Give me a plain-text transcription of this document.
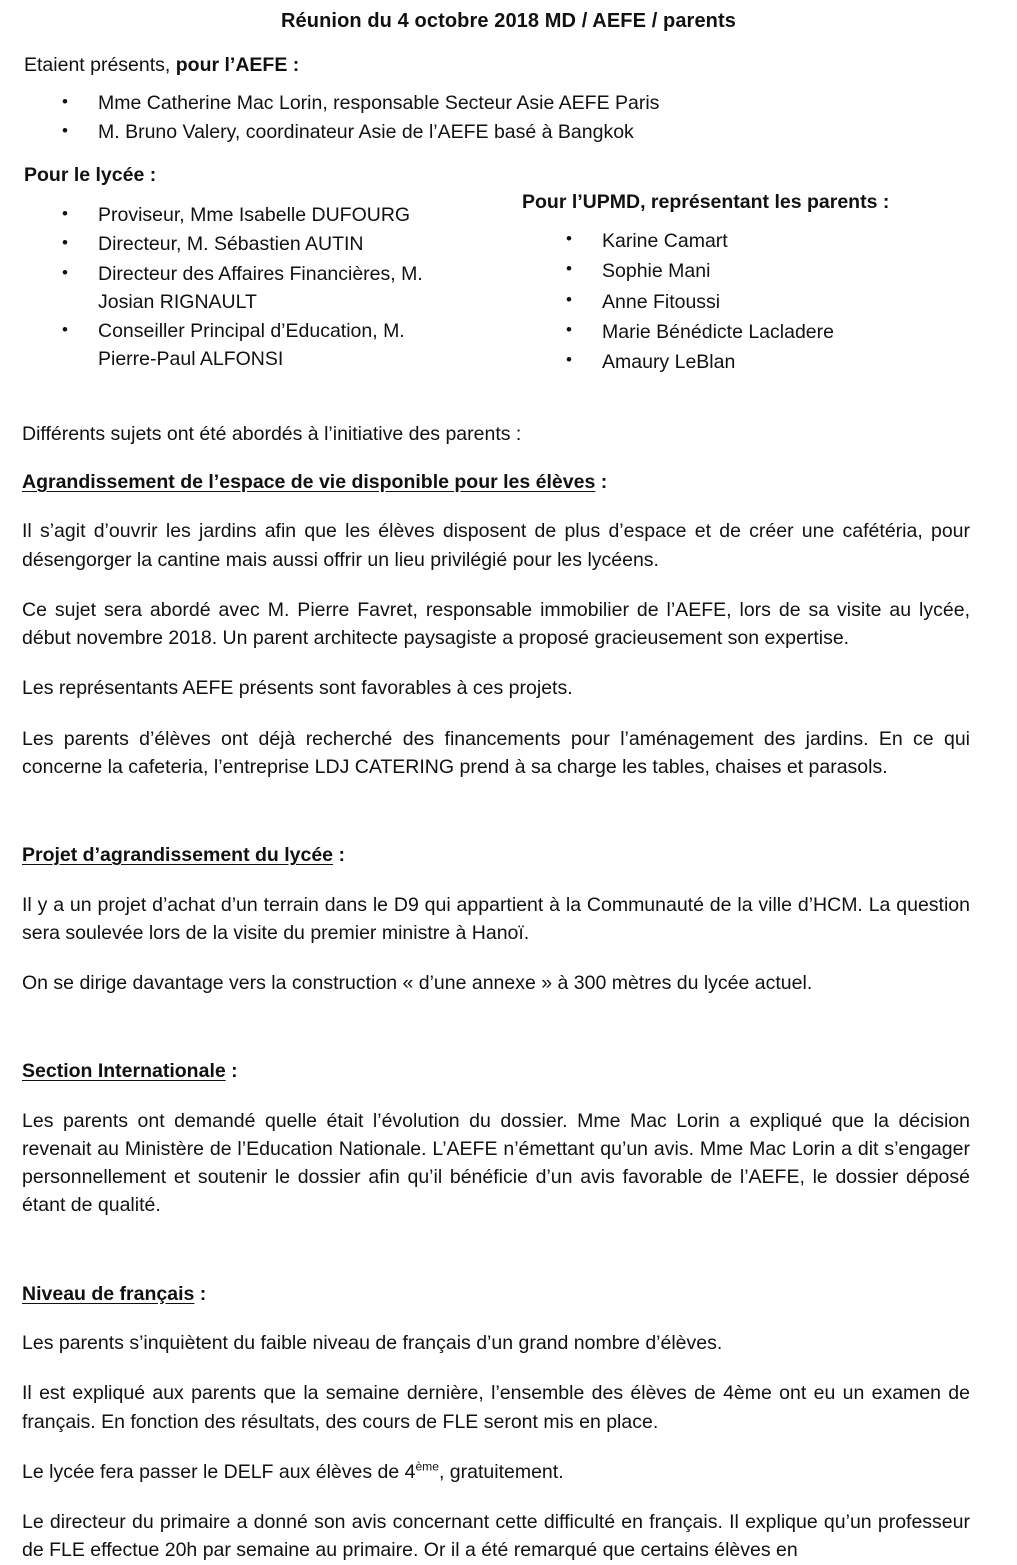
Réunion du 4 octobre 2018 MD / AEFE / parents
Etaient présents, pour l’AEFE :
• Mme Catherine Mac Lorin, responsable Secteur Asie AEFE Paris
• M. Bruno Valery, coordinateur Asie de l’AEFE basé à Bangkok
Pour le lycée :
• Proviseur, Mme Isabelle DUFOURG
• Directeur, M. Sébastien AUTIN
• Directeur des Affaires Financières, M. Josian RIGNAULT
• Conseiller Principal d’Education, M. Pierre-Paul ALFONSI
Pour l’UPMD, représentant les parents :
• Karine Camart
• Sophie Mani
• Anne Fitoussi
• Marie Bénédicte Lacladere
• Amaury LeBlan
Différents sujets ont été abordés à l’initiative des parents :
Agrandissement de l’espace de vie disponible pour les élèves :
Il s’agit d’ouvrir les jardins afin que les élèves disposent de plus d’espace et de créer une cafétéria, pour désengorger la cantine mais aussi offrir un lieu privilégié pour les lycéens.
Ce sujet sera abordé avec M. Pierre Favret, responsable immobilier de l’AEFE, lors de sa visite au lycée, début novembre 2018. Un parent architecte paysagiste a proposé gracieusement son expertise.
Les représentants AEFE présents sont favorables à ces projets.
Les parents d’élèves ont déjà recherché des financements pour l’aménagement des jardins. En ce qui concerne la cafeteria, l’entreprise LDJ CATERING prend à sa charge les tables, chaises et parasols.
Projet d’agrandissement du lycée :
Il y a un projet d’achat d’un terrain dans le D9 qui appartient à la Communauté de la ville d’HCM. La question sera soulevée lors de la visite du premier ministre à Hanoï.
On se dirige davantage vers la construction « d’une annexe » à 300 mètres du lycée actuel.
Section Internationale :
Les parents ont demandé quelle était l’évolution du dossier. Mme Mac Lorin a expliqué que la décision revenait au Ministère de l’Education Nationale. L’AEFE n’émettant qu’un avis. Mme Mac Lorin a dit s’engager personnellement et soutenir le dossier afin qu’il bénéficie d’un avis favorable de l’AEFE, le dossier déposé étant de qualité.
Niveau de français :
Les parents s’inquiètent du faible niveau de français d’un grand nombre d’élèves.
Il est expliqué aux parents que la semaine dernière, l’ensemble des élèves de 4ème ont eu un examen de français. En fonction des résultats, des cours de FLE seront mis en place.
Le lycée fera passer le DELF aux élèves de 4ème, gratuitement.
Le directeur du primaire a donné son avis concernant cette difficulté en français. Il explique qu’un professeur de FLE effectue 20h par semaine au primaire. Or il a été remarqué que certains élèves en
